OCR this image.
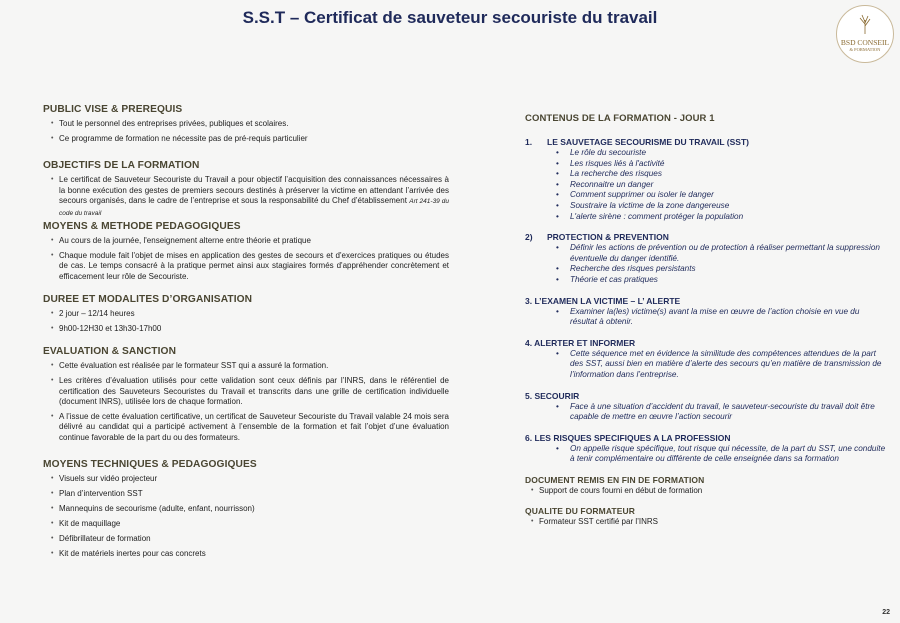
S.S.T – Certificat de sauveteur secouriste du travail
BSD CONSEIL
& FORMATION
PUBLIC VISE & PREREQUIS
• Tout le personnel des entreprises privées, publiques et scolaires.
• Ce programme de formation ne nécessite pas de pré-requis particulier
OBJECTIFS DE LA FORMATION
• Le certificat de Sauveteur Secouriste du Travail a pour objectif l’acquisition des connaissances nécessaires à la bonne exécution des gestes de premiers secours destinés à préserver la victime en attendant l’arrivée des secours organisés, dans le cadre de l’entreprise et sous la responsabilité du Chef d’établissement Art 241-39 du code du travail
MOYENS & METHODE PEDAGOGIQUES
• Au cours de la journée, l'enseignement alterne entre théorie et pratique
• Chaque module fait l'objet de mises en application des gestes de secours et d'exercices pratiques ou études de cas. Le temps consacré à la pratique permet ainsi aux stagiaires formés d'appréhender concrètement et efficacement leur rôle de Secouriste.
DUREE ET MODALITES D’ORGANISATION
• 2 jour – 12/14 heures
• 9h00-12H30 et 13h30-17h00
EVALUATION & SANCTION
• Cette évaluation est réalisée par le formateur SST qui a assuré la formation.
• Les critères d’évaluation utilisés pour cette validation sont ceux définis par l’INRS, dans le référentiel de certification des Sauveteurs Secouristes du Travail et transcrits dans une grille de certification individuelle (document INRS), utilisée lors de chaque formation.
• A l’issue de cette évaluation certificative, un certificat de Sauveteur Secouriste du Travail valable 24 mois sera délivré au candidat qui a participé activement à l’ensemble de la formation et fait l’objet d’une évaluation continue favorable de la part du ou des formateurs.
MOYENS TECHNIQUES & PEDAGOGIQUES
• Visuels sur vidéo projecteur
• Plan d’intervention SST
• Mannequins de secourisme (adulte, enfant, nourrisson)
• Kit de maquillage
• Défibrillateur de formation
• Kit de matériels inertes pour cas concrets
CONTENUS DE LA FORMATION - JOUR 1
1. LE SAUVETAGE SECOURISME DU TRAVAIL (SST)
• Le rôle du secouriste
• Les risques liés à l'activité
• La recherche des risques
• Reconnaitre un danger
• Comment supprimer ou isoler le danger
• Soustraire la victime de la zone dangereuse
• L'alerte sirène : comment protéger la population
2) PROTECTION & PREVENTION
• Définir les actions de prévention ou de protection à réaliser permettant la suppression éventuelle du danger identifié.
• Recherche des risques persistants
• Théorie et cas pratiques
3. L’EXAMEN LA VICTIME – L’ ALERTE
• Examiner la(les) victime(s) avant la mise en œuvre de l’action choisie en vue du résultat à obtenir.
4. ALERTER ET INFORMER
• Cette séquence met en évidence la similitude des compétences attendues de la part des SST, aussi bien en matière d’alerte des secours qu’en matière de transmission de l’information dans l’entreprise.
5. SECOURIR
• Face à une situation d’accident du travail, le sauveteur-secouriste du travail doit être capable de mettre en œuvre l’action secourir
6. LES RISQUES SPECIFIQUES A LA PROFESSION
• On appelle risque spécifique, tout risque qui nécessite, de la part du SST, une conduite à tenir complémentaire ou différente de celle enseignée dans sa formation
DOCUMENT REMIS EN FIN DE FORMATION
• Support de cours fourni en début de formation
QUALITE DU FORMATEUR
• Formateur SST certifié par l’INRS
22
